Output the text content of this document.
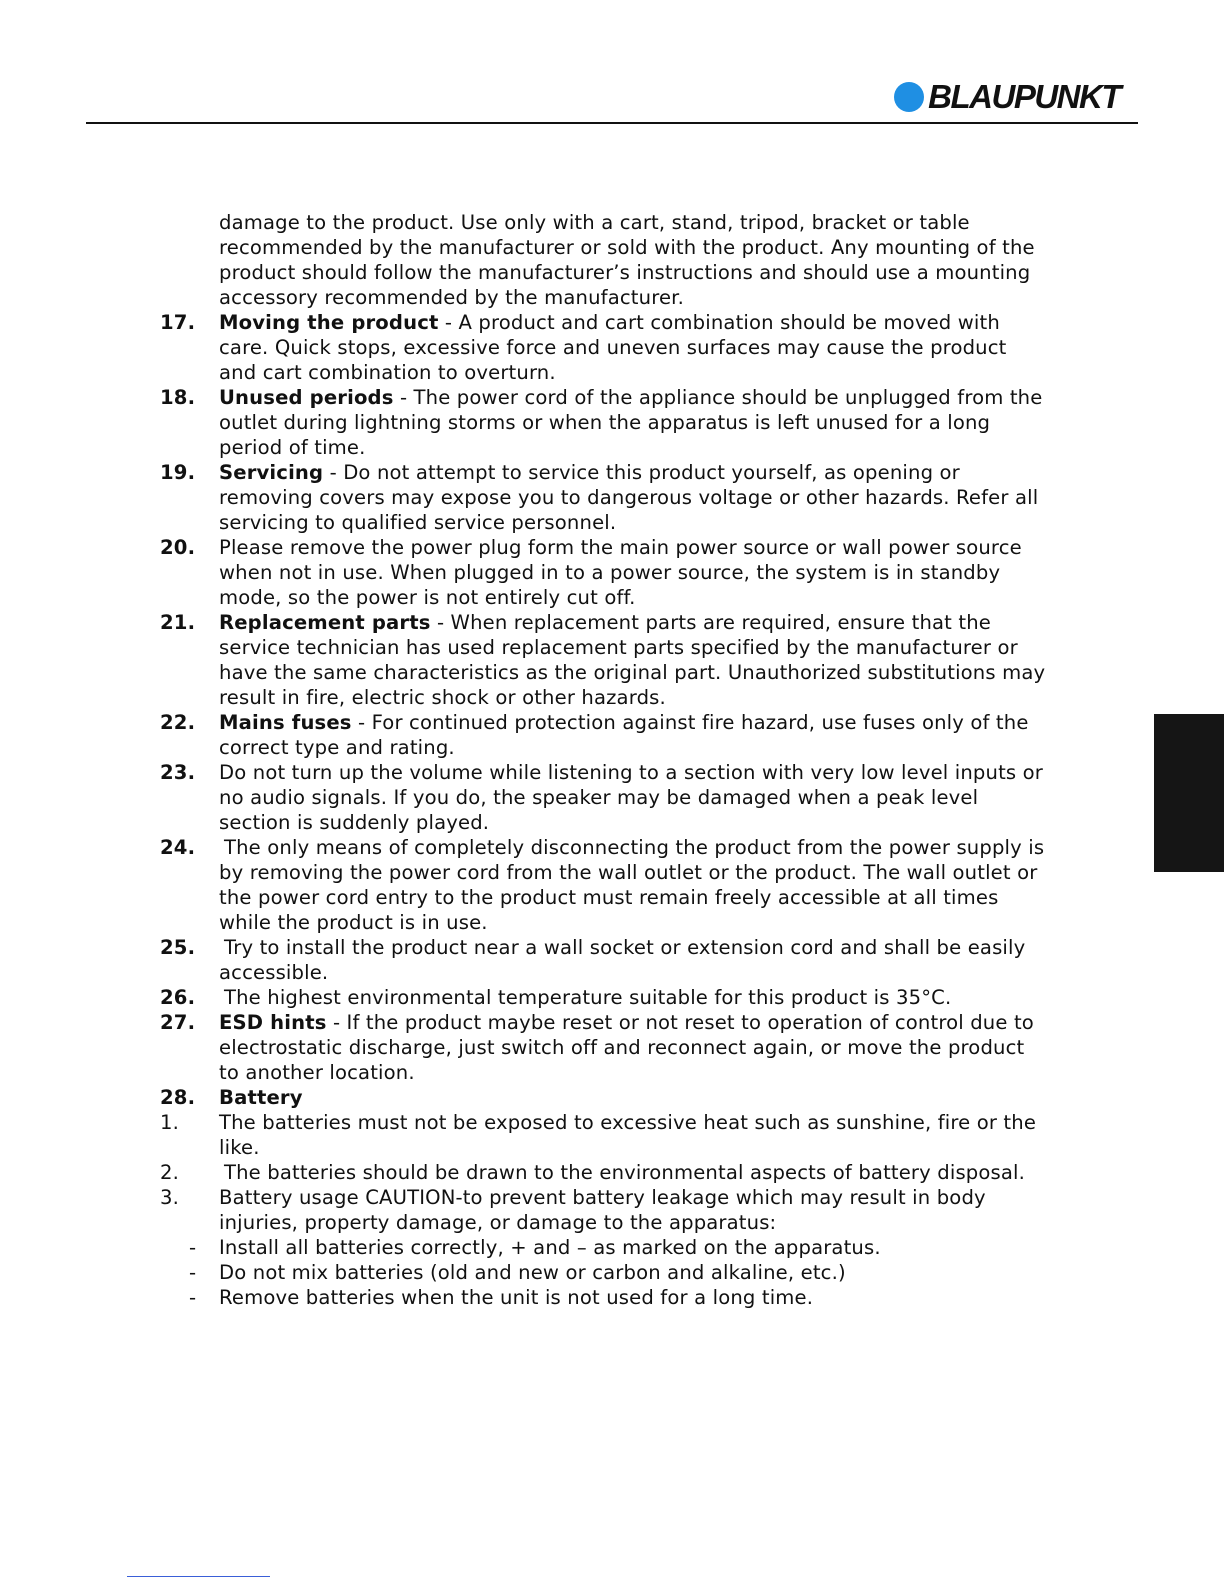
BLAUPUNKT

damage to the product. Use only with a cart, stand, tripod, bracket or table recommended by the manufacturer or sold with the product. Any mounting of the product should follow the manufacturer’s instructions and should use a mounting accessory recommended by the manufacturer.

17. Moving the product - A product and cart combination should be moved with care. Quick stops, excessive force and uneven surfaces may cause the product and cart combination to overturn.
18. Unused periods - The power cord of the appliance should be unplugged from the outlet during lightning storms or when the apparatus is left unused for a long period of time.
19. Servicing - Do not attempt to service this product yourself, as opening or removing covers may expose you to dangerous voltage or other hazards. Refer all servicing to qualified service personnel.
20. Please remove the power plug form the main power source or wall power source when not in use. When plugged in to a power source, the system is in standby mode, so the power is not entirely cut off.
21. Replacement parts - When replacement parts are required, ensure that the service technician has used replacement parts specified by the manufacturer or have the same characteristics as the original part. Unauthorized substitutions may result in fire, electric shock or other hazards.
22. Mains fuses - For continued protection against fire hazard, use fuses only of the correct type and rating.
23. Do not turn up the volume while listening to a section with very low level inputs or no audio signals. If you do, the speaker may be damaged when a peak level section is suddenly played.
24. The only means of completely disconnecting the product from the power supply is by removing the power cord from the wall outlet or the product. The wall outlet or the power cord entry to the product must remain freely accessible at all times while the product is in use.
25. Try to install the product near a wall socket or extension cord and shall be easily accessible.
26. The highest environmental temperature suitable for this product is 35°C.
27. ESD hints - If the product maybe reset or not reset to operation of control due to electrostatic discharge, just switch off and reconnect again, or move the product to another location.
28. Battery
1. The batteries must not be exposed to excessive heat such as sunshine, fire or the like.
2. The batteries should be drawn to the environmental aspects of battery disposal.
3. Battery usage CAUTION-to prevent battery leakage which may result in body injuries, property damage, or damage to the apparatus:
- Install all batteries correctly, + and – as marked on the apparatus.
- Do not mix batteries (old and new or carbon and alkaline, etc.)
- Remove batteries when the unit is not used for a long time.
